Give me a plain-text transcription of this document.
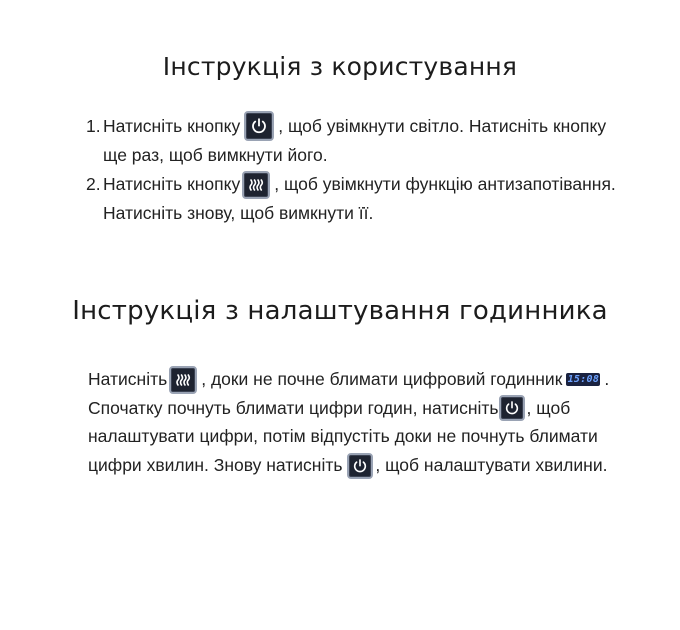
Інструкція з користування
1. Натисніть кнопку , щоб увімкнути світло. Натисніть кнопку ще раз, щоб вимкнути його.
2. Натисніть кнопку , щоб увімкнути функцію антизапотівання. Натисніть знову, щоб вимкнути її.
Інструкція з налаштування годинника

Натисніть , доки не почне блимати цифровий годинник 15:08 . Спочатку почнуть блимати цифри годин, натисніть , щоб налаштувати цифри, потім відпустіть доки не почнуть блимати цифри хвилин. Знову натисніть , щоб налаштувати хвилини.
